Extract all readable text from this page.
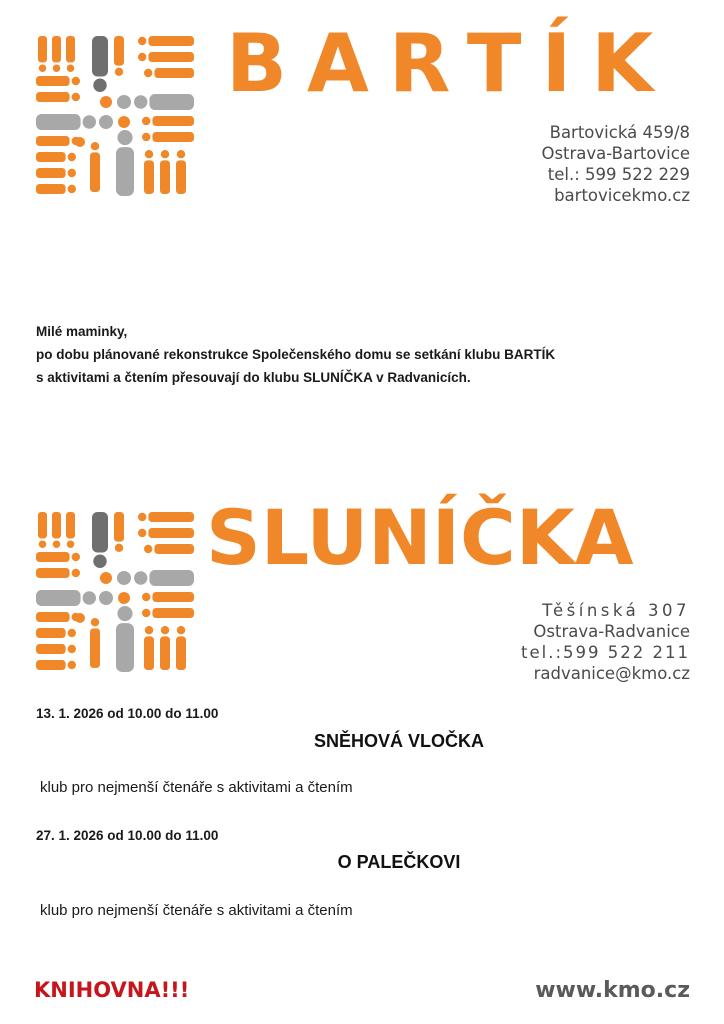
BARTÍK
Bartovická 459/8
Ostrava-Bartovice
tel.: 599 522 229
bartovicekmo.cz
Milé maminky,
po dobu plánované rekonstrukce Společenského domu se setkání klubu BARTÍK
s aktivitami a čtením přesouvají do klubu SLUNÍČKA v Radvanicích.
SLUNÍČKA
Těšínská 307
Ostrava-Radvanice
tel.:599 522 211
radvanice@kmo.cz
13. 1. 2026 od 10.00 do 11.00
SNĚHOVÁ VLOČKA
klub pro nejmenší čtenáře s aktivitami a čtením
27. 1. 2026 od 10.00 do 11.00
O PALEČKOVI
klub pro nejmenší čtenáře s aktivitami a čtením
KNIHOVNA!!!	www.kmo.cz
